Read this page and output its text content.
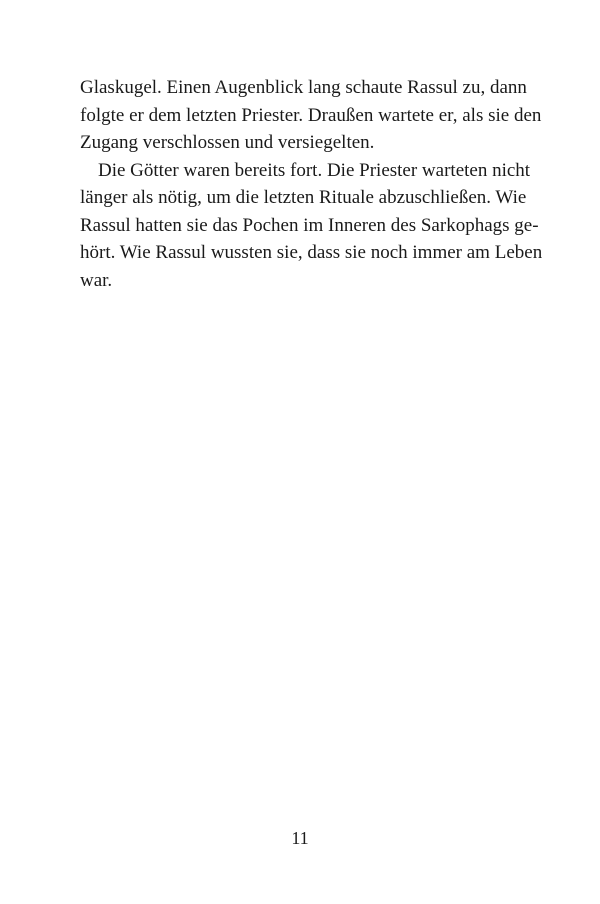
Glaskugel. Einen Augenblick lang schaute Rassul zu, dann
folgte er dem letzten Priester. Draußen wartete er, als sie den
Zugang verschlossen und versiegelten.
Die Götter waren bereits fort. Die Priester warteten nicht
länger als nötig, um die letzten Rituale abzuschließen. Wie
Rassul hatten sie das Pochen im Inneren des Sarkophags ge-
hört. Wie Rassul wussten sie, dass sie noch immer am Leben
war.
11
